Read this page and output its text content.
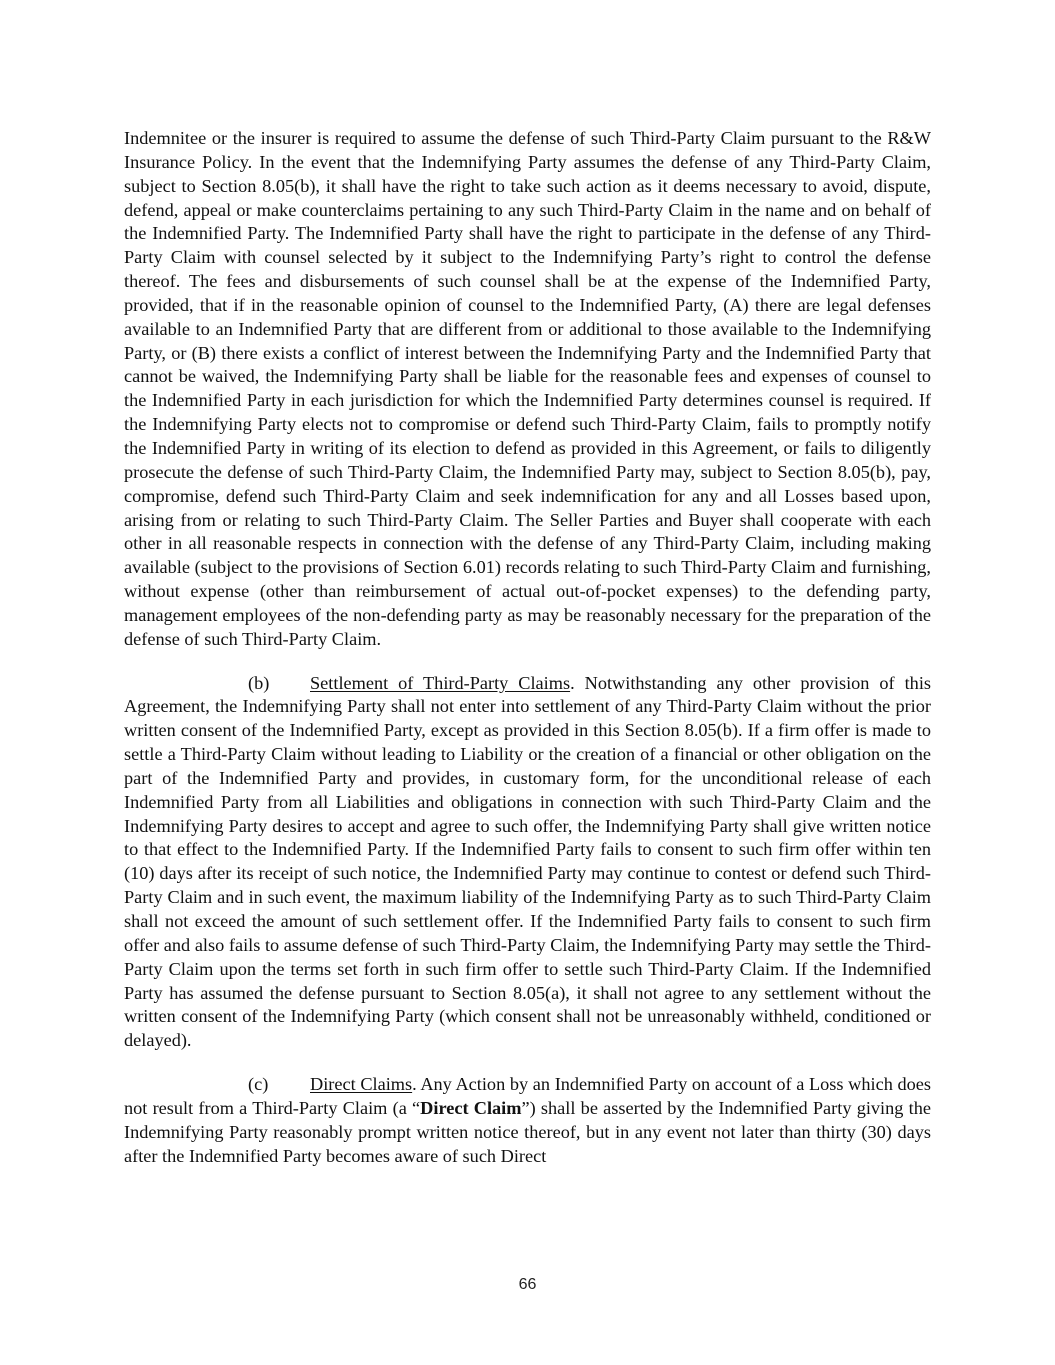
Indemnitee or the insurer is required to assume the defense of such Third-Party Claim pursuant to the R&W Insurance Policy. In the event that the Indemnifying Party assumes the defense of any Third-Party Claim, subject to Section 8.05(b), it shall have the right to take such action as it deems necessary to avoid, dispute, defend, appeal or make counterclaims pertaining to any such Third-Party Claim in the name and on behalf of the Indemnified Party. The Indemnified Party shall have the right to participate in the defense of any Third-Party Claim with counsel selected by it subject to the Indemnifying Party’s right to control the defense thereof. The fees and disbursements of such counsel shall be at the expense of the Indemnified Party, provided, that if in the reasonable opinion of counsel to the Indemnified Party, (A) there are legal defenses available to an Indemnified Party that are different from or additional to those available to the Indemnifying Party, or (B) there exists a conflict of interest between the Indemnifying Party and the Indemnified Party that cannot be waived, the Indemnifying Party shall be liable for the reasonable fees and expenses of counsel to the Indemnified Party in each jurisdiction for which the Indemnified Party determines counsel is required. If the Indemnifying Party elects not to compromise or defend such Third-Party Claim, fails to promptly notify the Indemnified Party in writing of its election to defend as provided in this Agreement, or fails to diligently prosecute the defense of such Third-Party Claim, the Indemnified Party may, subject to Section 8.05(b), pay, compromise, defend such Third-Party Claim and seek indemnification for any and all Losses based upon, arising from or relating to such Third-Party Claim. The Seller Parties and Buyer shall cooperate with each other in all reasonable respects in connection with the defense of any Third-Party Claim, including making available (subject to the provisions of Section 6.01) records relating to such Third-Party Claim and furnishing, without expense (other than reimbursement of actual out-of-pocket expenses) to the defending party, management employees of the non-defending party as may be reasonably necessary for the preparation of the defense of such Third-Party Claim.

(b) Settlement of Third-Party Claims. Notwithstanding any other provision of this Agreement, the Indemnifying Party shall not enter into settlement of any Third-Party Claim without the prior written consent of the Indemnified Party, except as provided in this Section 8.05(b). If a firm offer is made to settle a Third-Party Claim without leading to Liability or the creation of a financial or other obligation on the part of the Indemnified Party and provides, in customary form, for the unconditional release of each Indemnified Party from all Liabilities and obligations in connection with such Third-Party Claim and the Indemnifying Party desires to accept and agree to such offer, the Indemnifying Party shall give written notice to that effect to the Indemnified Party. If the Indemnified Party fails to consent to such firm offer within ten (10) days after its receipt of such notice, the Indemnified Party may continue to contest or defend such Third-Party Claim and in such event, the maximum liability of the Indemnifying Party as to such Third-Party Claim shall not exceed the amount of such settlement offer. If the Indemnified Party fails to consent to such firm offer and also fails to assume defense of such Third-Party Claim, the Indemnifying Party may settle the Third-Party Claim upon the terms set forth in such firm offer to settle such Third-Party Claim. If the Indemnified Party has assumed the defense pursuant to Section 8.05(a), it shall not agree to any settlement without the written consent of the Indemnifying Party (which consent shall not be unreasonably withheld, conditioned or delayed).

(c) Direct Claims. Any Action by an Indemnified Party on account of a Loss which does not result from a Third-Party Claim (a “Direct Claim”) shall be asserted by the Indemnified Party giving the Indemnifying Party reasonably prompt written notice thereof, but in any event not later than thirty (30) days after the Indemnified Party becomes aware of such Direct

66
